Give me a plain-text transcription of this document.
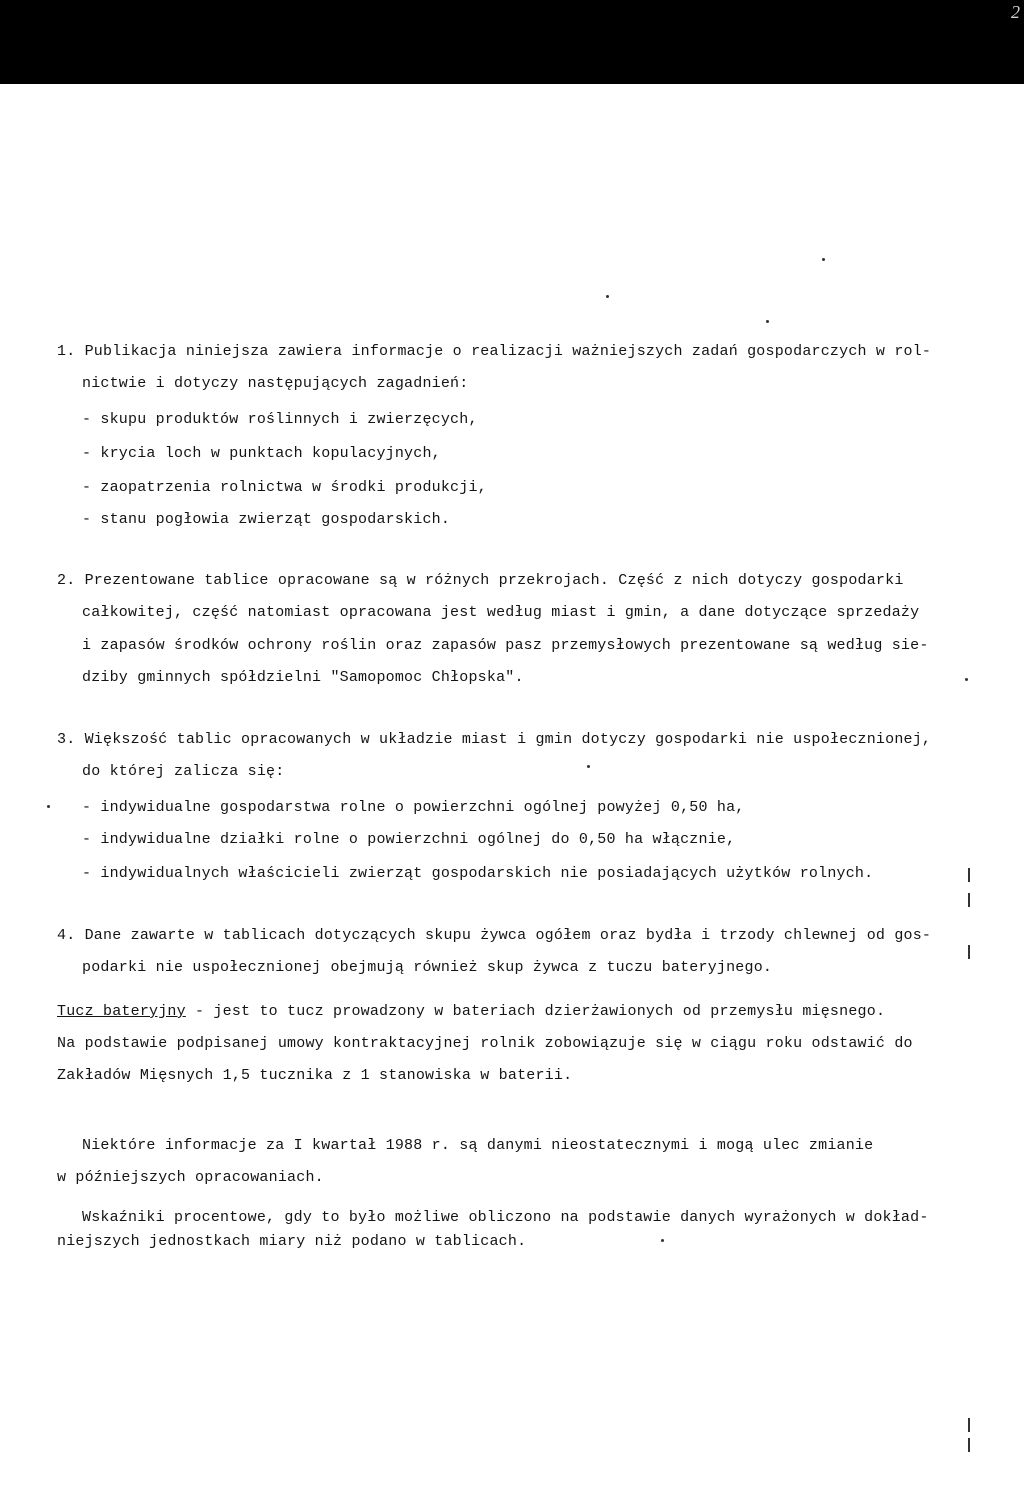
2
1. Publikacja niniejsza zawiera informacje o realizacji ważniejszych zadań gospodarczych w rol-
nictwie i dotyczy następujących zagadnień:
- skupu produktów roślinnych i zwierzęcych,
- krycia loch w punktach kopulacyjnych,
- zaopatrzenia rolnictwa w środki produkcji,
- stanu pogłowia zwierząt gospodarskich.
2. Prezentowane tablice opracowane są w różnych przekrojach. Część z nich dotyczy gospodarki
całkowitej, część natomiast opracowana jest według miast i gmin, a dane dotyczące sprzedaży
i zapasów środków ochrony roślin oraz zapasów pasz przemysłowych prezentowane są według sie-
dziby gminnych spółdzielni "Samopomoc Chłopska".
3. Większość tablic opracowanych w układzie miast i gmin dotyczy gospodarki nie uspołecznionej,
do której zalicza się:
- indywidualne gospodarstwa rolne o powierzchni ogólnej powyżej 0,50 ha,
- indywidualne działki rolne o powierzchni ogólnej do 0,50 ha włącznie,
- indywidualnych właścicieli zwierząt gospodarskich nie posiadających użytków rolnych.
4. Dane zawarte w tablicach dotyczących skupu żywca ogółem oraz bydła i trzody chlewnej od gos-
podarki nie uspołecznionej obejmują również skup żywca z tuczu bateryjnego.
Tucz bateryjny - jest to tucz prowadzony w bateriach dzierżawionych od przemysłu mięsnego.
Na podstawie podpisanej umowy kontraktacyjnej rolnik zobowiązuje się w ciągu roku odstawić do
Zakładów Mięsnych 1,5 tucznika z 1 stanowiska w baterii.
Niektóre informacje za I kwartał 1988 r. są danymi nieostatecznymi i mogą ulec zmianie
w późniejszych opracowaniach.
Wskaźniki procentowe, gdy to było możliwe obliczono na podstawie danych wyrażonych w dokład-
niejszych jednostkach miary niż podano w tablicach.
